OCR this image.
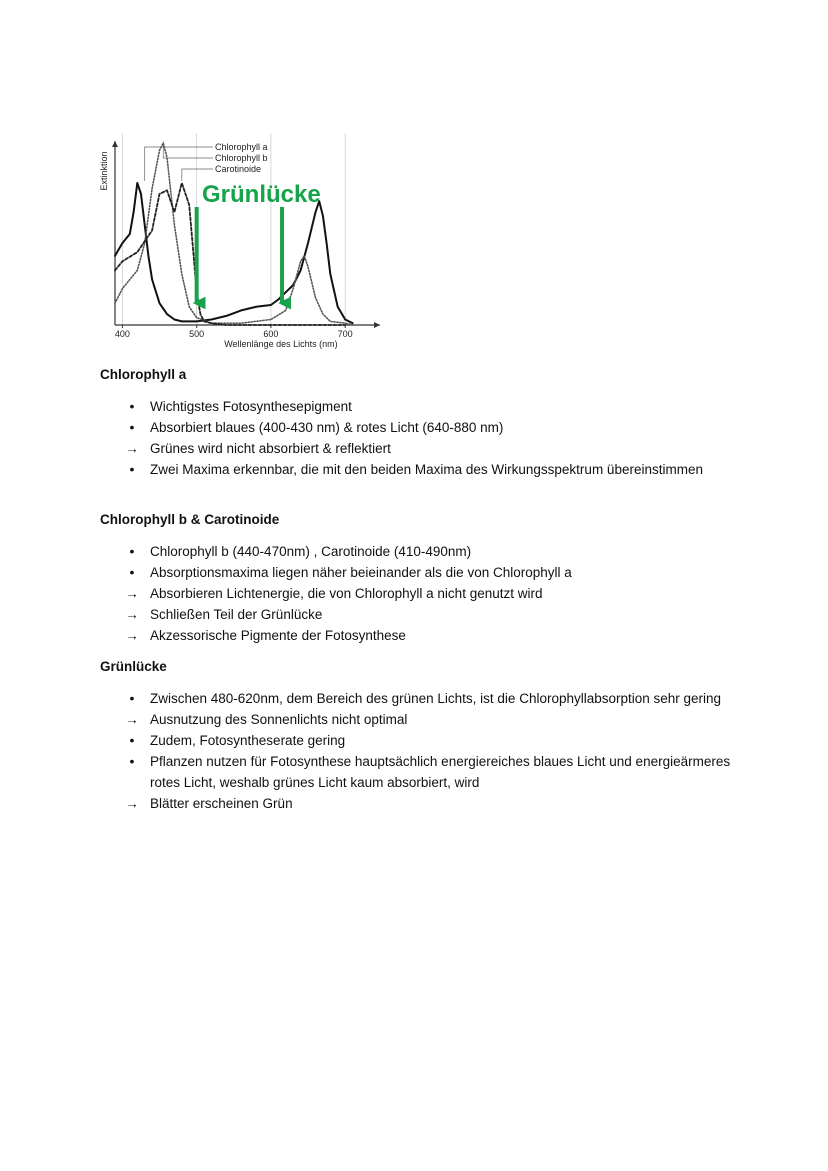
400	500	600	700
Wellenlänge des Lichts (nm)
Extinktion
Chlorophyll a
Chlorophyll b
Carotinoide
Grünlücke
Chlorophyll a
•	Wichtigstes Fotosynthesepigment
•	Absorbiert blaues (400-430 nm) & rotes Licht (640-880 nm)
→ Grünes wird nicht absorbiert & reflektiert
•	Zwei Maxima erkennbar, die mit den beiden Maxima des Wirkungsspektrum übereinstimmen
Chlorophyll b & Carotinoide
•	Chlorophyll b (440-470nm) , Carotinoide (410-490nm)
•	Absorptionsmaxima liegen näher beieinander als die von Chlorophyll a
→ Absorbieren Lichtenergie, die von Chlorophyll a nicht genutzt wird
→ Schließen Teil der Grünlücke
→ Akzessorische Pigmente der Fotosynthese
Grünlücke
•	Zwischen 480-620nm, dem Bereich des grünen Lichts, ist die Chlorophyllabsorption sehr gering
→ Ausnutzung des Sonnenlichts nicht optimal
•	Zudem, Fotosyntheserate gering
•	Pflanzen nutzen für Fotosynthese hauptsächlich energiereiches blaues Licht und energieärmeres rotes Licht, weshalb grünes Licht kaum absorbiert, wird
→ Blätter erscheinen Grün
